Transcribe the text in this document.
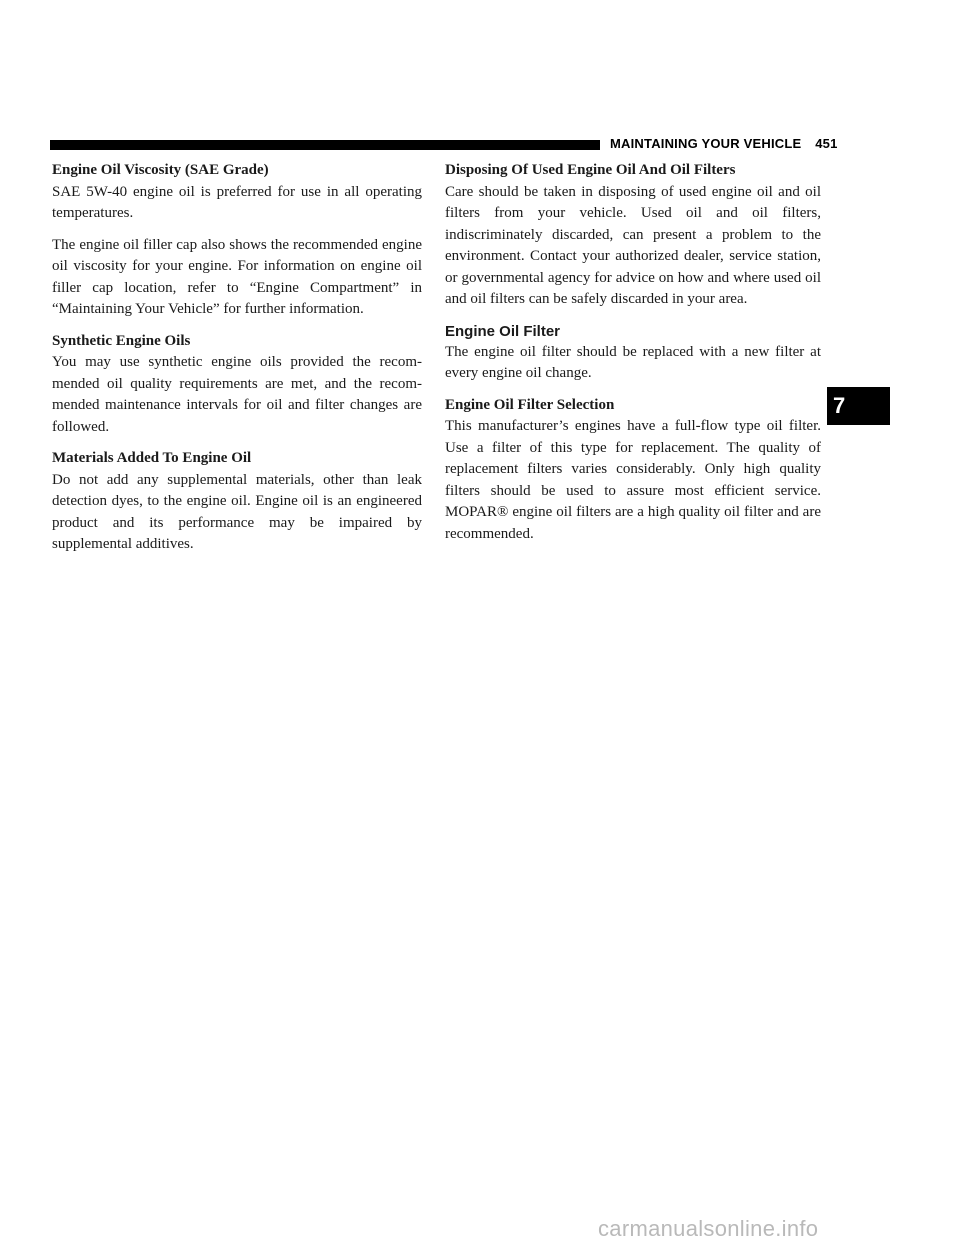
MAINTAINING YOUR VEHICLE 451
Engine Oil Viscosity (SAE Grade)

SAE 5W-40 engine oil is preferred for use in all operating temperatures.

The engine oil filler cap also shows the recommended engine oil viscosity for your engine. For information on engine oil filler cap location, refer to “Engine Compartment” in “Maintaining Your Vehicle” for further information.

Synthetic Engine Oils

You may use synthetic engine oils provided the recommended oil quality requirements are met, and the recommended maintenance intervals for oil and filter changes are followed.

Materials Added To Engine Oil

Do not add any supplemental materials, other than leak detection dyes, to the engine oil. Engine oil is an engineered product and its performance may be impaired by supplemental additives.

Disposing Of Used Engine Oil And Oil Filters

Care should be taken in disposing of used engine oil and oil filters from your vehicle. Used oil and oil filters, indiscriminately discarded, can present a problem to the environment. Contact your authorized dealer, service station, or governmental agency for advice on how and where used oil and oil filters can be safely discarded in your area.

Engine Oil Filter

The engine oil filter should be replaced with a new filter at every engine oil change.

Engine Oil Filter Selection

This manufacturer’s engines have a full-flow type oil filter. Use a filter of this type for replacement. The quality of replacement filters varies considerably. Only high quality filters should be used to assure most efficient service. MOPAR® engine oil filters are a high quality oil filter and are recommended.

7
carmanualsonline.info
